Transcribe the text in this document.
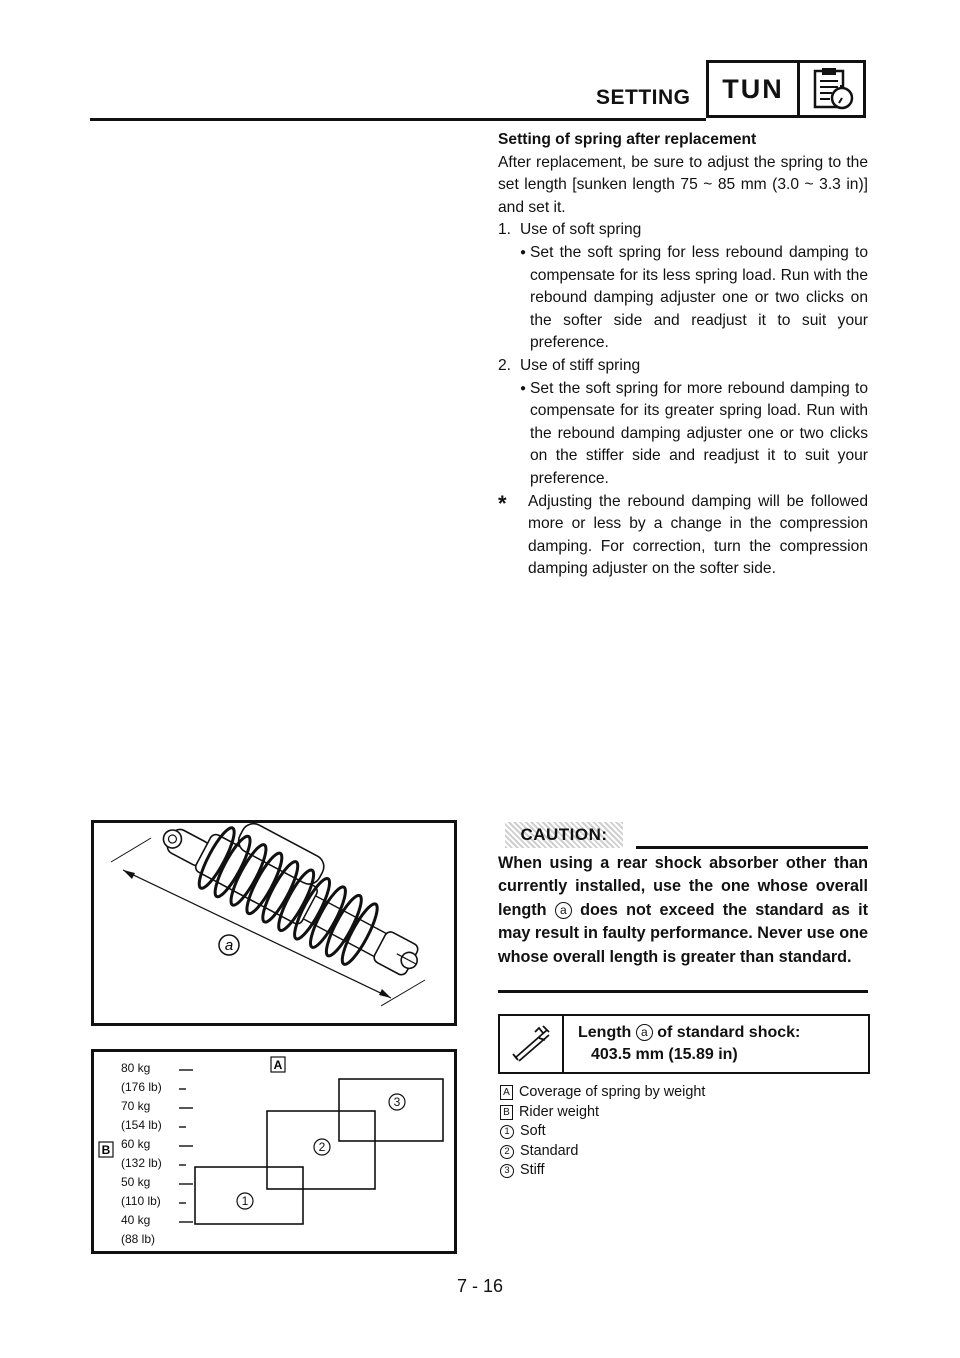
SETTING	TUN

Setting of spring after replacement

After replacement, be sure to adjust the spring to the set length [sunken length 75 ~ 85 mm (3.0 ~ 3.3 in)] and set it.

1. Use of soft spring
● Set the soft spring for less rebound damping to compensate for its less spring load. Run with the rebound damping adjuster one or two clicks on the softer side and readjust it to suit your preference.
2. Use of stiff spring
● Set the soft spring for more rebound damping to compensate for its greater spring load. Run with the rebound damping adjuster one or two clicks on the stiffer side and readjust it to suit your preference.
*	Adjusting the rebound damping will be followed more or less by a change in the compression damping. For correction, turn the compression damping adjuster on the softer side.
a
80 kg
(176 lb)
70 kg
(154 lb)
60 kg
(132 lb)
50 kg
(110 lb)
40 kg
(88 lb)
B
A
1
2
3
CAUTION:
When using a rear shock absorber other than currently installed, use the one whose overall length a does not exceed the standard as it may result in faulty performance. Never use one whose overall length is greater than standard.
Length a of standard shock:
403.5 mm (15.89 in)
A Coverage of spring by weight
B Rider weight
1 Soft
2 Standard
3 Stiff
7 - 16
